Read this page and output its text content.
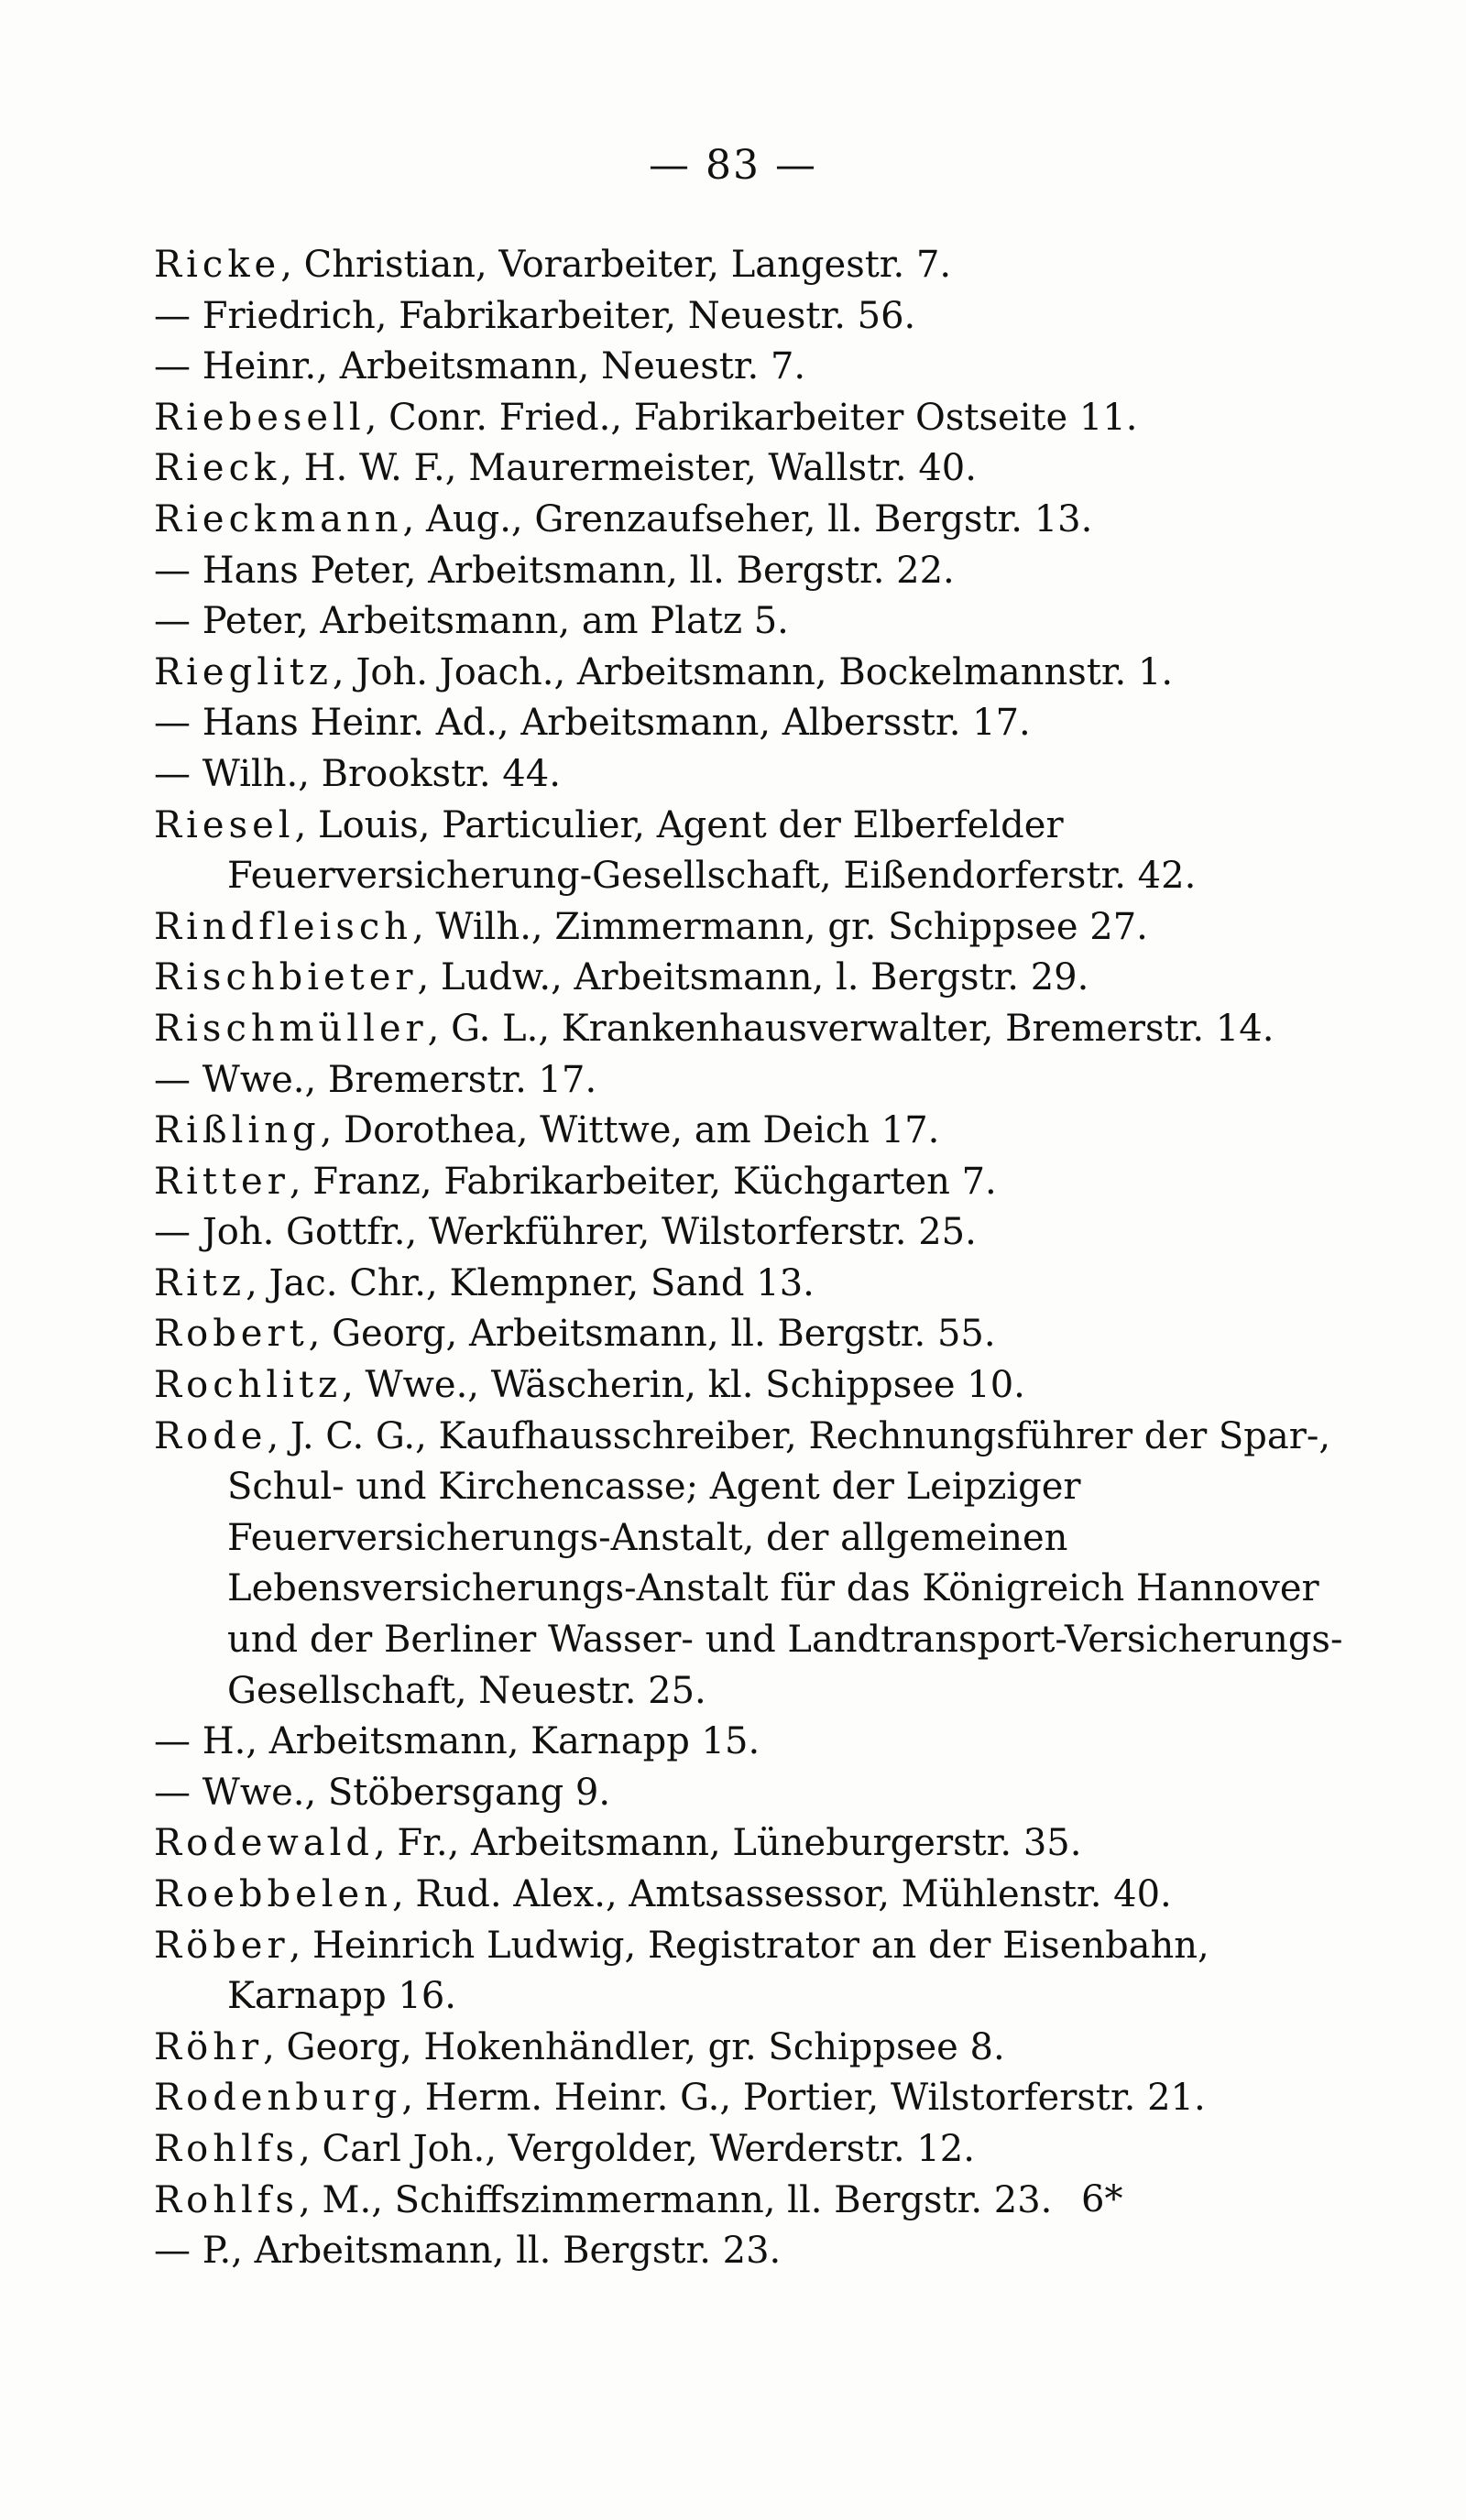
— 83 —

Ricke, Christian, Vorarbeiter, Langestr. 7.

— Friedrich, Fabrikarbeiter, Neuestr. 56.

— Heinr., Arbeitsmann, Neuestr. 7.

Riebesell, Conr. Fried., Fabrikarbeiter Ostseite 11.

Rieck, H. W. F., Maurermeister, Wallstr. 40.

Rieckmann, Aug., Grenzaufseher, ll. Bergstr. 13.

— Hans Peter, Arbeitsmann, ll. Bergstr. 22.

— Peter, Arbeitsmann, am Platz 5.

Rieglitz, Joh. Joach., Arbeitsmann, Bockelmannstr. 1.

— Hans Heinr. Ad., Arbeitsmann, Albersstr. 17.

— Wilh., Brookstr. 44.

Riesel, Louis, Particulier, Agent der Elberfelder Feuerversicherung-Gesellschaft, Eißendorferstr. 42.

Rindfleisch, Wilh., Zimmermann, gr. Schippsee 27.

Rischbieter, Ludw., Arbeitsmann, l. Bergstr. 29.

Rischmüller, G. L., Krankenhausverwalter, Bremerstr. 14.

— Wwe., Bremerstr. 17.

Rißling, Dorothea, Wittwe, am Deich 17.

Ritter, Franz, Fabrikarbeiter, Küchgarten 7.

— Joh. Gottfr., Werkführer, Wilstorferstr. 25.

Ritz, Jac. Chr., Klempner, Sand 13.

Robert, Georg, Arbeitsmann, ll. Bergstr. 55.

Rochlitz, Wwe., Wäscherin, kl. Schippsee 10.

Rode, J. C. G., Kaufhausschreiber, Rechnungsführer der Spar-, Schul- und Kirchencasse; Agent der Leipziger Feuerversicherungs-Anstalt, der allgemeinen Lebensversicherungs-Anstalt für das Königreich Hannover und der Berliner Wasser- und Landtransport-Versicherungs-Gesellschaft, Neuestr. 25.

— H., Arbeitsmann, Karnapp 15.

— Wwe., Stöbersgang 9.

Rodewald, Fr., Arbeitsmann, Lüneburgerstr. 35.

Roebbelen, Rud. Alex., Amtsassessor, Mühlenstr. 40.

Röber, Heinrich Ludwig, Registrator an der Eisenbahn, Karnapp 16.

Röhr, Georg, Hokenhändler, gr. Schippsee 8.

Rodenburg, Herm. Heinr. G., Portier, Wilstorferstr. 21.

Rohlfs, Carl Joh., Vergolder, Werderstr. 12.

Rohlfs, M., Schiffszimmermann, ll. Bergstr. 23.

— P., Arbeitsmann, ll. Bergstr. 23.

6*
